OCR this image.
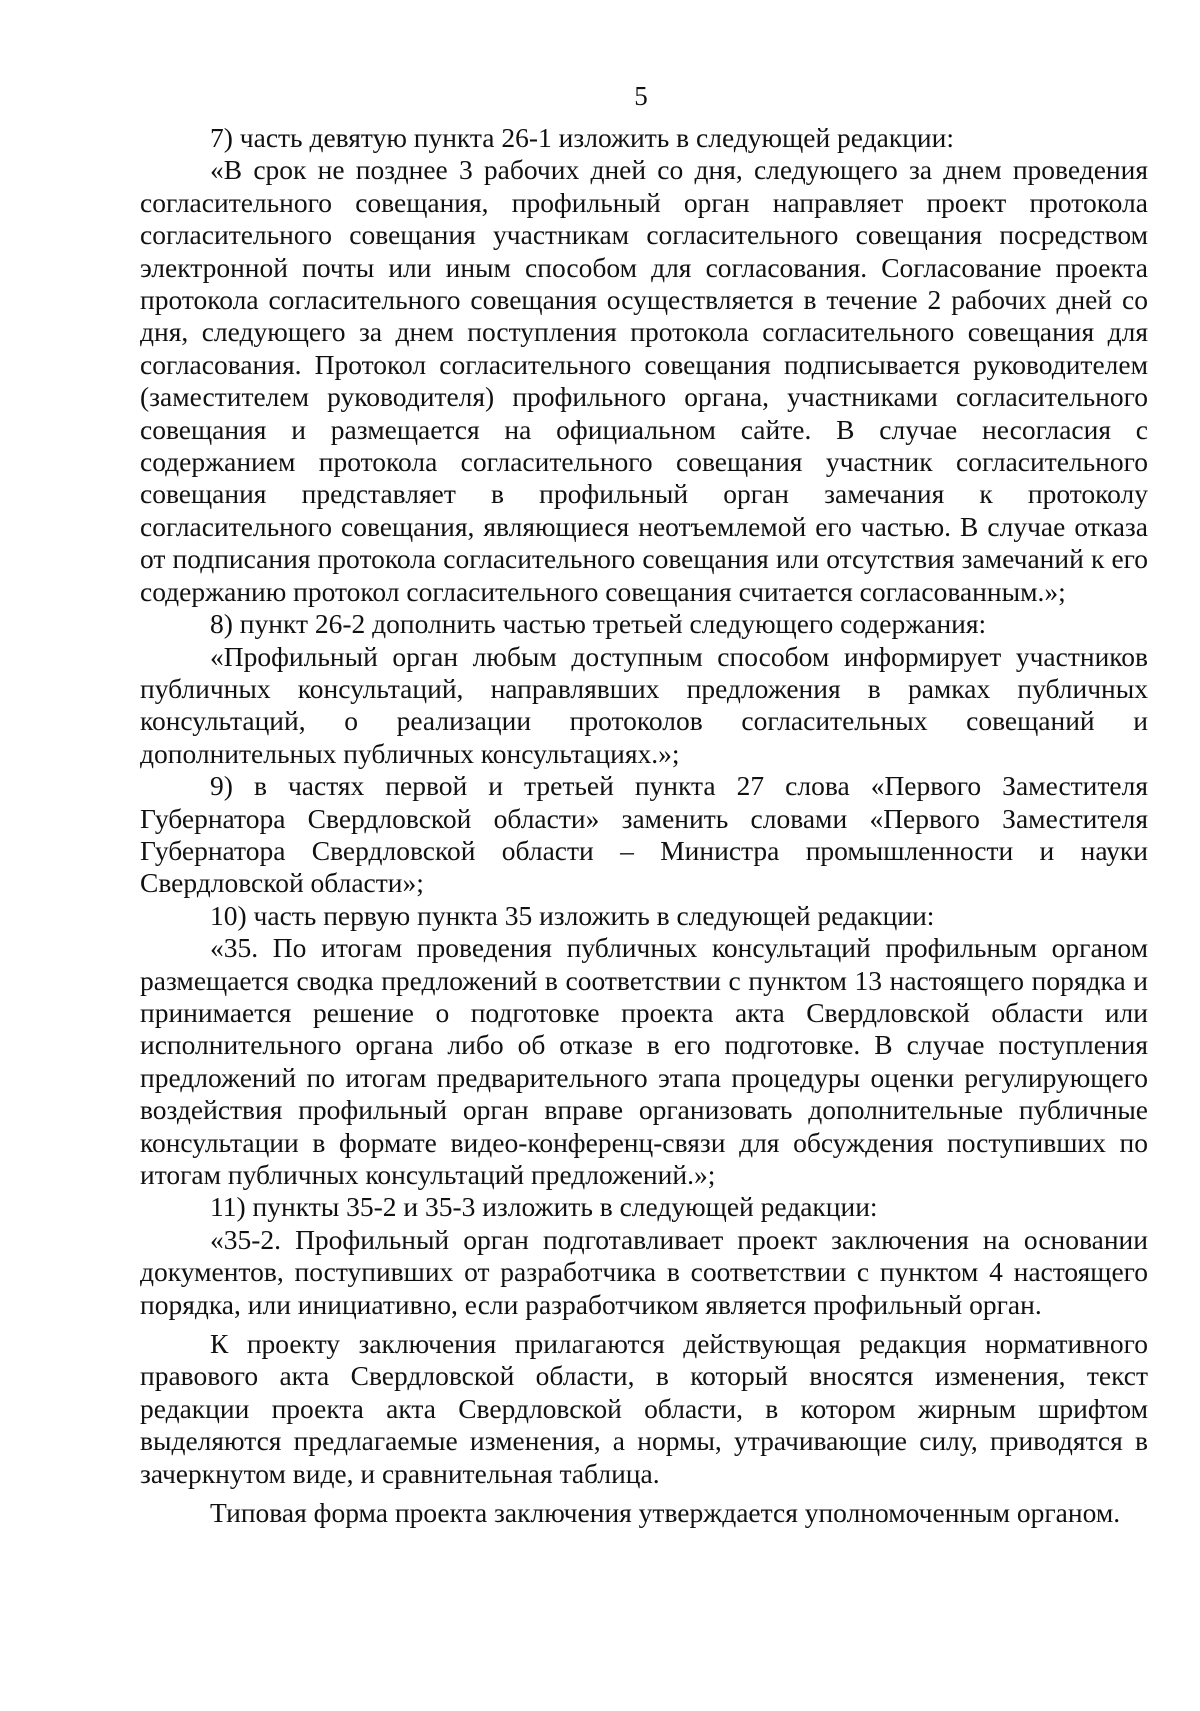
5

7) часть девятую пункта 26-1 изложить в следующей редакции:

«В срок не позднее 3 рабочих дней со дня, следующего за днем проведения согласительного совещания, профильный орган направляет проект протокола согласительного совещания участникам согласительного совещания посредством электронной почты или иным способом для согласования. Согласование проекта протокола согласительного совещания осуществляется в течение 2 рабочих дней со дня, следующего за днем поступления протокола согласительного совещания для согласования. Протокол согласительного совещания подписывается руководителем (заместителем руководителя) профильного органа, участниками согласительного совещания и размещается на официальном сайте. В случае несогласия с содержанием протокола согласительного совещания участник согласительного совещания представляет в профильный орган замечания к протоколу согласительного совещания, являющиеся неотъемлемой его частью. В случае отказа от подписания протокола согласительного совещания или отсутствия замечаний к его содержанию протокол согласительного совещания считается согласованным.»;

8) пункт 26-2 дополнить частью третьей следующего содержания:

«Профильный орган любым доступным способом информирует участников публичных консультаций, направлявших предложения в рамках публичных консультаций, о реализации протоколов согласительных совещаний и дополнительных публичных консультациях.»;

9) в частях первой и третьей пункта 27 слова «Первого Заместителя Губернатора Свердловской области» заменить словами «Первого Заместителя Губернатора Свердловской области – Министра промышленности и науки Свердловской области»;

10) часть первую пункта 35 изложить в следующей редакции:

«35. По итогам проведения публичных консультаций профильным органом размещается сводка предложений в соответствии с пунктом 13 настоящего порядка и принимается решение о подготовке проекта акта Свердловской области или исполнительного органа либо об отказе в его подготовке. В случае поступления предложений по итогам предварительного этапа процедуры оценки регулирующего воздействия профильный орган вправе организовать дополнительные публичные консультации в формате видео-конференц-связи для обсуждения поступивших по итогам публичных консультаций предложений.»;

11) пункты 35-2 и 35-3 изложить в следующей редакции:

«35-2. Профильный орган подготавливает проект заключения на основании документов, поступивших от разработчика в соответствии с пунктом 4 настоящего порядка, или инициативно, если разработчиком является профильный орган.

К проекту заключения прилагаются действующая редакция нормативного правового акта Свердловской области, в который вносятся изменения, текст редакции проекта акта Свердловской области, в котором жирным шрифтом выделяются предлагаемые изменения, а нормы, утрачивающие силу, приводятся в зачеркнутом виде, и сравнительная таблица.

Типовая форма проекта заключения утверждается уполномоченным органом.
